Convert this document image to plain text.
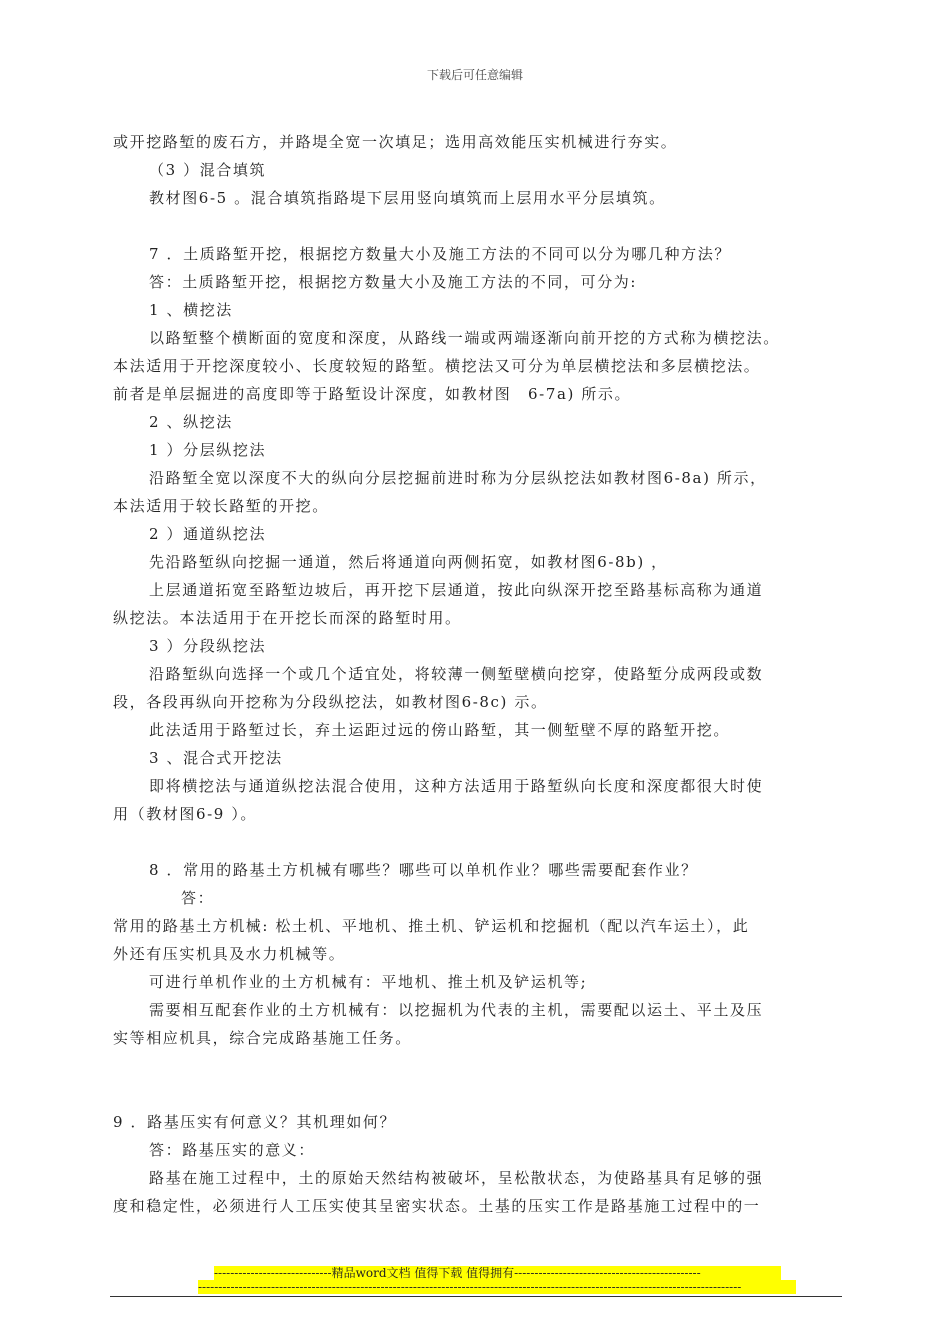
下载后可任意编辑
或开挖路堑的废石方，并路堤全宽一次填足；选用高效能压实机械进行夯实。
（3 ）混合填筑
教材图6-5 。混合填筑指路堤下层用竖向填筑而上层用水平分层填筑。
7 ．土质路堑开挖，根据挖方数量大小及施工方法的不同可以分为哪几种方法？
答：土质路堑开挖，根据挖方数量大小及施工方法的不同，可分为:
1 、横挖法
以路堑整个横断面的宽度和深度，从路线一端或两端逐渐向前开挖的方式称为横挖法。
本法适用于开挖深度较小、长度较短的路堑。横挖法又可分为单层横挖法和多层横挖法。
前者是单层掘进的高度即等于路堑设计深度，如教材图　6-7a) 所示。
2 、纵挖法
1 ）分层纵挖法
沿路堑全宽以深度不大的纵向分层挖掘前进时称为分层纵挖法如教材图6-8a) 所示，
本法适用于较长路堑的开挖。
2 ）通道纵挖法
先沿路堑纵向挖掘一通道，然后将通道向两侧拓宽，如教材图6-8b) ，
上层通道拓宽至路堑边坡后，再开挖下层通道，按此向纵深开挖至路基标高称为通道
纵挖法。本法适用于在开挖长而深的路堑时用。
3 ）分段纵挖法
沿路堑纵向选择一个或几个适宜处，将较薄一侧堑壁横向挖穿，使路堑分成两段或数
段，各段再纵向开挖称为分段纵挖法，如教材图6-8c) 示。
此法适用于路堑过长，弃土运距过远的傍山路堑，其一侧堑壁不厚的路堑开挖。
3 、混合式开挖法
即将横挖法与通道纵挖法混合使用，这种方法适用于路堑纵向长度和深度都很大时使
用（教材图6-9 ）。
8 ．常用的路基土方机械有哪些？哪些可以单机作业？哪些需要配套作业？
答：
常用的路基土方机械: 松土机、平地机、推土机、铲运机和挖掘机（配以汽车运土），此
外还有压实机具及水力机械等。
可进行单机作业的土方机械有：平地机、推土机及铲运机等;
需要相互配套作业的土方机械有：以挖掘机为代表的主机，需要配以运土、平土及压
实等相应机具，综合完成路基施工任务。
9 ．路基压实有何意义？其机理如何？
答：路基压实的意义：
路基在施工过程中，土的原始天然结构被破坏，呈松散状态，为使路基具有足够的强
度和稳定性，必须进行人工压实使其呈密实状态。土基的压实工作是路基施工过程中的一
-----------------------------精品word文档 值得下载 值得拥有----------------------------------------------
--------------------------------------------------------------------------------------------------------------------------------------
